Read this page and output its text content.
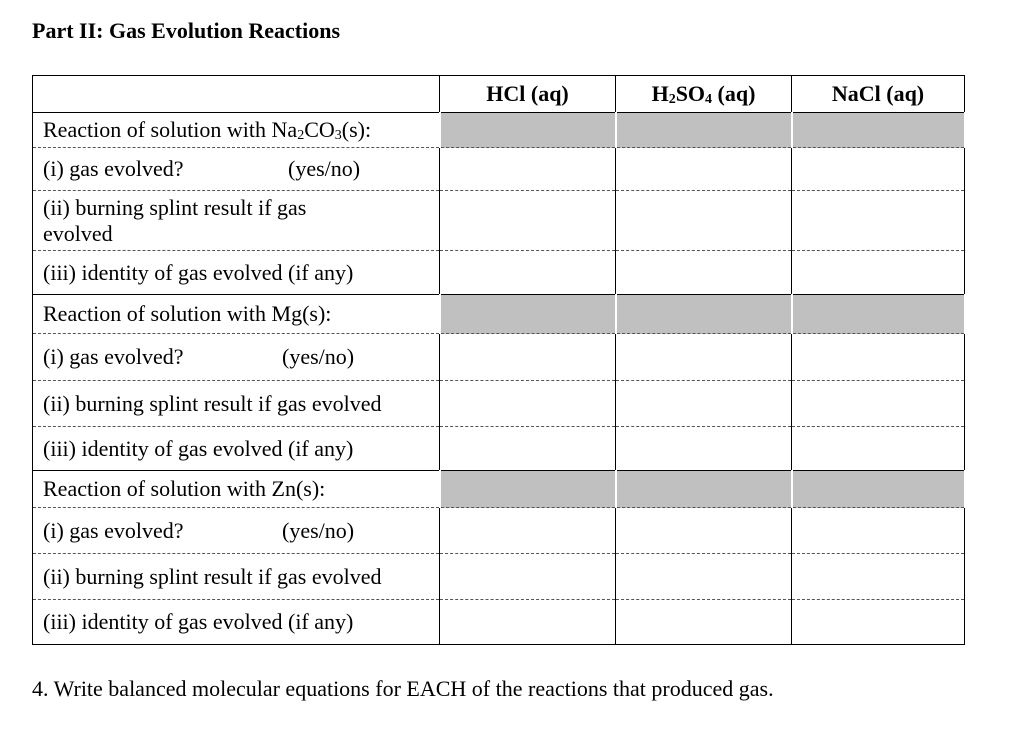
Part II: Gas Evolution Reactions
	HCl (aq)	$H_2SO_4$ (aq)	NaCl (aq)
Reaction of solution with $Na_2CO_3(s)$:			
(i) gas evolved? (yes/no)			

(ii) burning splint result if gas evolved			

(iii) identity of gas evolved (if any)			
Reaction of solution with Mg(s):			
(i) gas evolved? (yes/no)			

(ii) burning splint result if gas evolved			
(iii) identity of gas evolved (if any)			
Reaction of solution with Zn(s):			
(i) gas evolved? (yes/no)			

(ii) burning splint result if gas evolved			
(iii) identity of gas evolved (if any)			
4. Write balanced molecular equations for EACH of the reactions that produced gas.
